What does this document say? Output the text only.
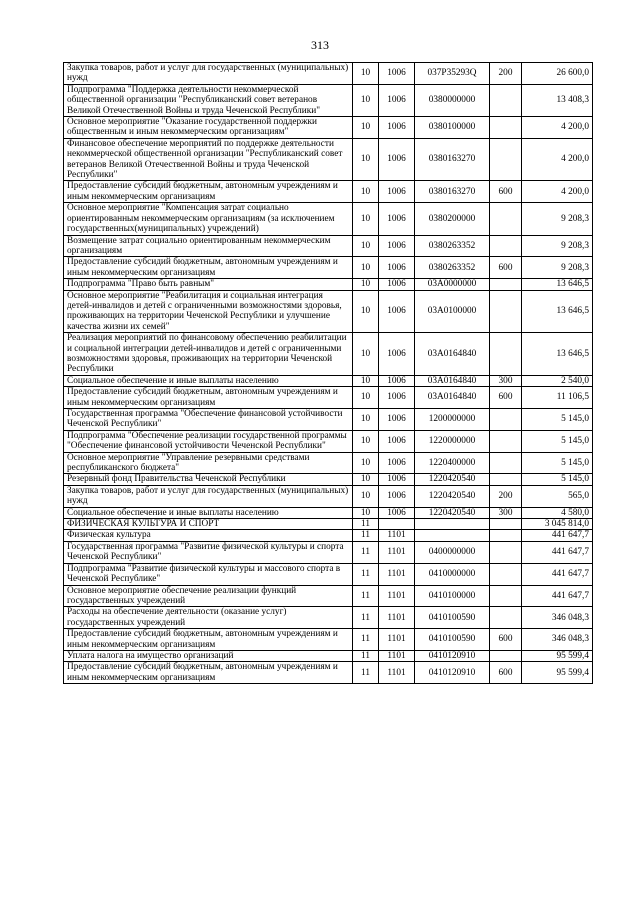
313
Закупка товаров, работ и услуг для государственных (муниципальных) нужд	10	1006	037Р35293Q	200	26 600,0
Подпрограмма "Поддержка деятельности некоммерческой общественной организации "Республиканский совет ветеранов Великой Отечественной Войны и труда Чеченской Республики"	10	1006	0380000000		13 408,3
Основное мероприятие "Оказание государственной поддержки общественным и иным некоммерческим организациям"	10	1006	0380100000		4 200,0
Финансовое обеспечение мероприятий по поддержке деятельности некоммерческой общественной организации "Республиканский совет ветеранов Великой Отечественной Войны и труда Чеченской Республики"	10	1006	0380163270		4 200,0
Предоставление субсидий бюджетным, автономным учреждениям и иным некоммерческим организациям	10	1006	0380163270	600	4 200,0
Основное мероприятие "Компенсация затрат социально ориентированным некоммерческим организациям (за исключением государственных(муниципальных) учреждений)	10	1006	0380200000		9 208,3
Возмещение затрат социально ориентированным некоммерческим организациям	10	1006	0380263352		9 208,3
Предоставление субсидий бюджетным, автономным учреждениям и иным некоммерческим организациям	10	1006	0380263352	600	9 208,3
Подпрограмма "Право быть равным"	10	1006	03А0000000		13 646,5
Основное мероприятие "Реабилитация и социальная интеграция детей-инвалидов и детей с ограниченными возможностями здоровья, проживающих на территории Чеченской Республики и улучшение качества жизни их семей"	10	1006	03А0100000		13 646,5
Реализация мероприятий по финансовому обеспечению реабилитации и социальной интеграции детей-инвалидов и детей с ограниченными возможностями здоровья, проживающих на территории Чеченской Республики	10	1006	03А0164840		13 646,5
Социальное обеспечение и иные выплаты населению	10	1006	03А0164840	300	2 540,0
Предоставление субсидий бюджетным, автономным учреждениям и иным некоммерческим организациям	10	1006	03А0164840	600	11 106,5
Государственная программа "Обеспечение финансовой устойчивости Чеченской Республики"	10	1006	1200000000		5 145,0
Подпрограмма "Обеспечение реализации государственной программы "Обеспечение финансовой устойчивости Чеченской Республики"	10	1006	1220000000		5 145,0
Основное мероприятие "Управление резервными средствами республиканского бюджета"	10	1006	1220400000		5 145,0
Резервный фонд Правительства Чеченской Республики	10	1006	1220420540		5 145,0
Закупка товаров, работ и услуг для государственных (муниципальных) нужд	10	1006	1220420540	200	565,0
Социальное обеспечение и иные выплаты населению	10	1006	1220420540	300	4 580,0
ФИЗИЧЕСКАЯ КУЛЬТУРА И СПОРТ	11				3 045 814,0
Физическая культура	11	1101			441 647,7
Государственная программа "Развитие физической культуры и спорта Чеченской Республики"	11	1101	0400000000		441 647,7
Подпрограмма "Развитие физической культуры и массового спорта в Чеченской Республике"	11	1101	0410000000		441 647,7
Основное мероприятие обеспечение реализации функций государственных учреждений	11	1101	0410100000		441 647,7
Расходы на обеспечение деятельности (оказание услуг) государственных учреждений	11	1101	0410100590		346 048,3
Предоставление субсидий бюджетным, автономным учреждениям и иным некоммерческим организациям	11	1101	0410100590	600	346 048,3
Уплата налога на имущество организаций	11	1101	0410120910		95 599,4
Предоставление субсидий бюджетным, автономным учреждениям и иным некоммерческим организациям	11	1101	0410120910	600	95 599,4
